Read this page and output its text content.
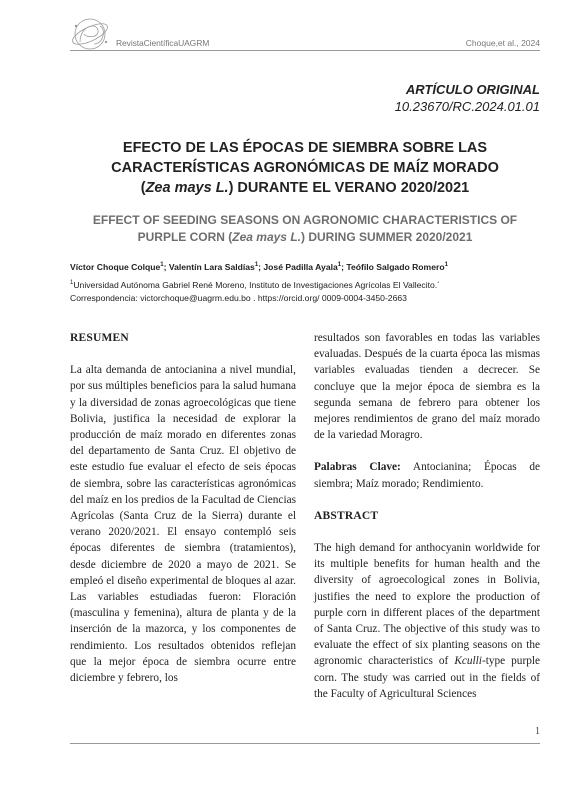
RevistaCientíficaUAGRM	Choque,et al., 2024
ARTÍCULO ORIGINAL
10.23670/RC.2024.01.01
EFECTO DE LAS ÉPOCAS DE SIEMBRA SOBRE LAS
CARACTERÍSTICAS AGRONÓMICAS DE MAÍZ MORADO
(Zea mays L.) DURANTE EL VERANO 2020/2021
EFFECT OF SEEDING SEASONS ON AGRONOMIC CHARACTERISTICS OF
PURPLE CORN (Zea mays L.) DURING SUMMER 2020/2021
Víctor Choque Colque$^1$; Valentín Lara Saldías$^1$; José Padilla Ayala$^1$; Teófilo Salgado Romero$^1$
$^1$Universidad Autónoma Gabriel René Moreno, Instituto de Investigaciones Agrícolas El Vallecito.´
Correspondencia: victorchoque@uagrm.edu.bo . https://orcid.org/ 0009-0004-3450-2663
RESUMEN

La alta demanda de antocianina a nivel mundial, por sus múltiples beneficios para la salud humana y la diversidad de zonas agroecológicas que tiene Bolivia, justifica la necesidad de explorar la producción de maíz morado en diferentes zonas del departamento de Santa Cruz. El objetivo de este estudio fue evaluar el efecto de seis épocas de siembra, sobre las características agronómicas del maíz en los predios de la Facultad de Ciencias Agrícolas (Santa Cruz de la Sierra) durante el verano 2020/2021. El ensayo contempló seis épocas diferentes de siembra (tratamientos), desde diciembre de 2020 a mayo de 2021. Se empleó el diseño experimental de bloques al azar. Las variables estudiadas fueron: Floración (masculina y femenina), altura de planta y de la inserción de la mazorca, y los componentes de rendimiento. Los resultados obtenidos reflejan que la mejor época de siembra ocurre entre diciembre y febrero, los

resultados son favorables en todas las variables evaluadas. Después de la cuarta época las mismas variables evaluadas tienden a decrecer. Se concluye que la mejor época de siembra es la segunda semana de febrero para obtener los mejores rendimientos de grano del maíz morado de la variedad Moragro.

Palabras Clave: Antocianina; Épocas de siembra; Maíz morado; Rendimiento.

ABSTRACT

The high demand for anthocyanin worldwide for its multiple benefits for human health and the diversity of agroecological zones in Bolivia, justifies the need to explore the production of purple corn in different places of the department of Santa Cruz. The objective of this study was to evaluate the effect of six planting seasons on the agronomic characteristics of Kculli-type purple corn. The study was carried out in the fields of the Faculty of Agricultural Sciences

1
